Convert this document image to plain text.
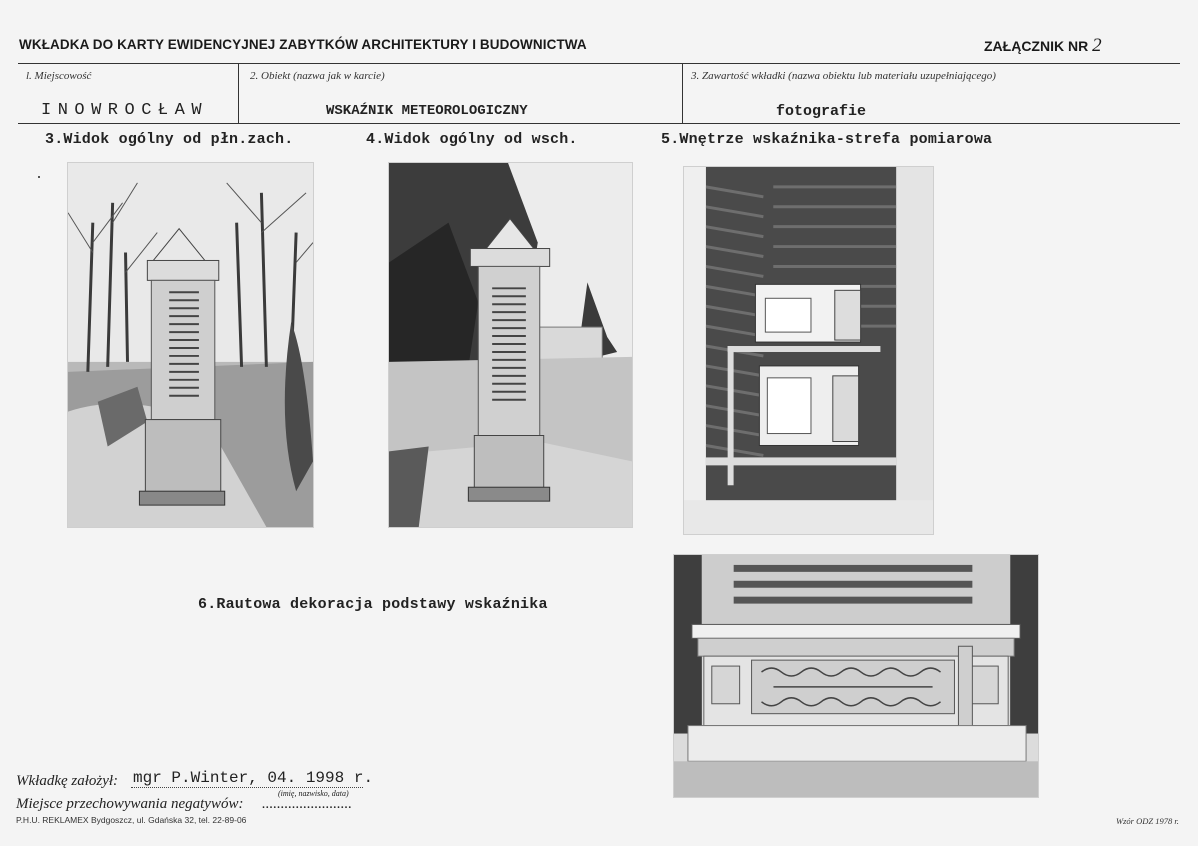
WKŁADKA DO KARTY EWIDENCYJNEJ ZABYTKÓW ARCHITEKTURY I BUDOWNICTWA	ZAŁĄCZNIK NR 2
l. Miejscowość	2. Obiekt (nazwa jak w karcie)	3. Zawartość wkładki (nazwa obiektu lub materiału uzupełniającego)
INOWROCŁAW	WSKAŹNIK METEOROLOGICZNY	fotografie
3.Widok ogólny od płn.zach.	4.Widok ogólny od wsch.	5.Wnętrze wskaźnika-strefa pomiarowa
6.Rautowa dekoracja podstawy wskaźnika
Wkładkę założył: mgr P.Winter, 04. 1998 r.
(imię, nazwisko, data)
Miejsce przechowywania negatywów: ........................
P.H.U. REKLAMEX Bydgoszcz, ul. Gdańska 32, tel. 22-89-06	Wzór ODZ 1978 r.
